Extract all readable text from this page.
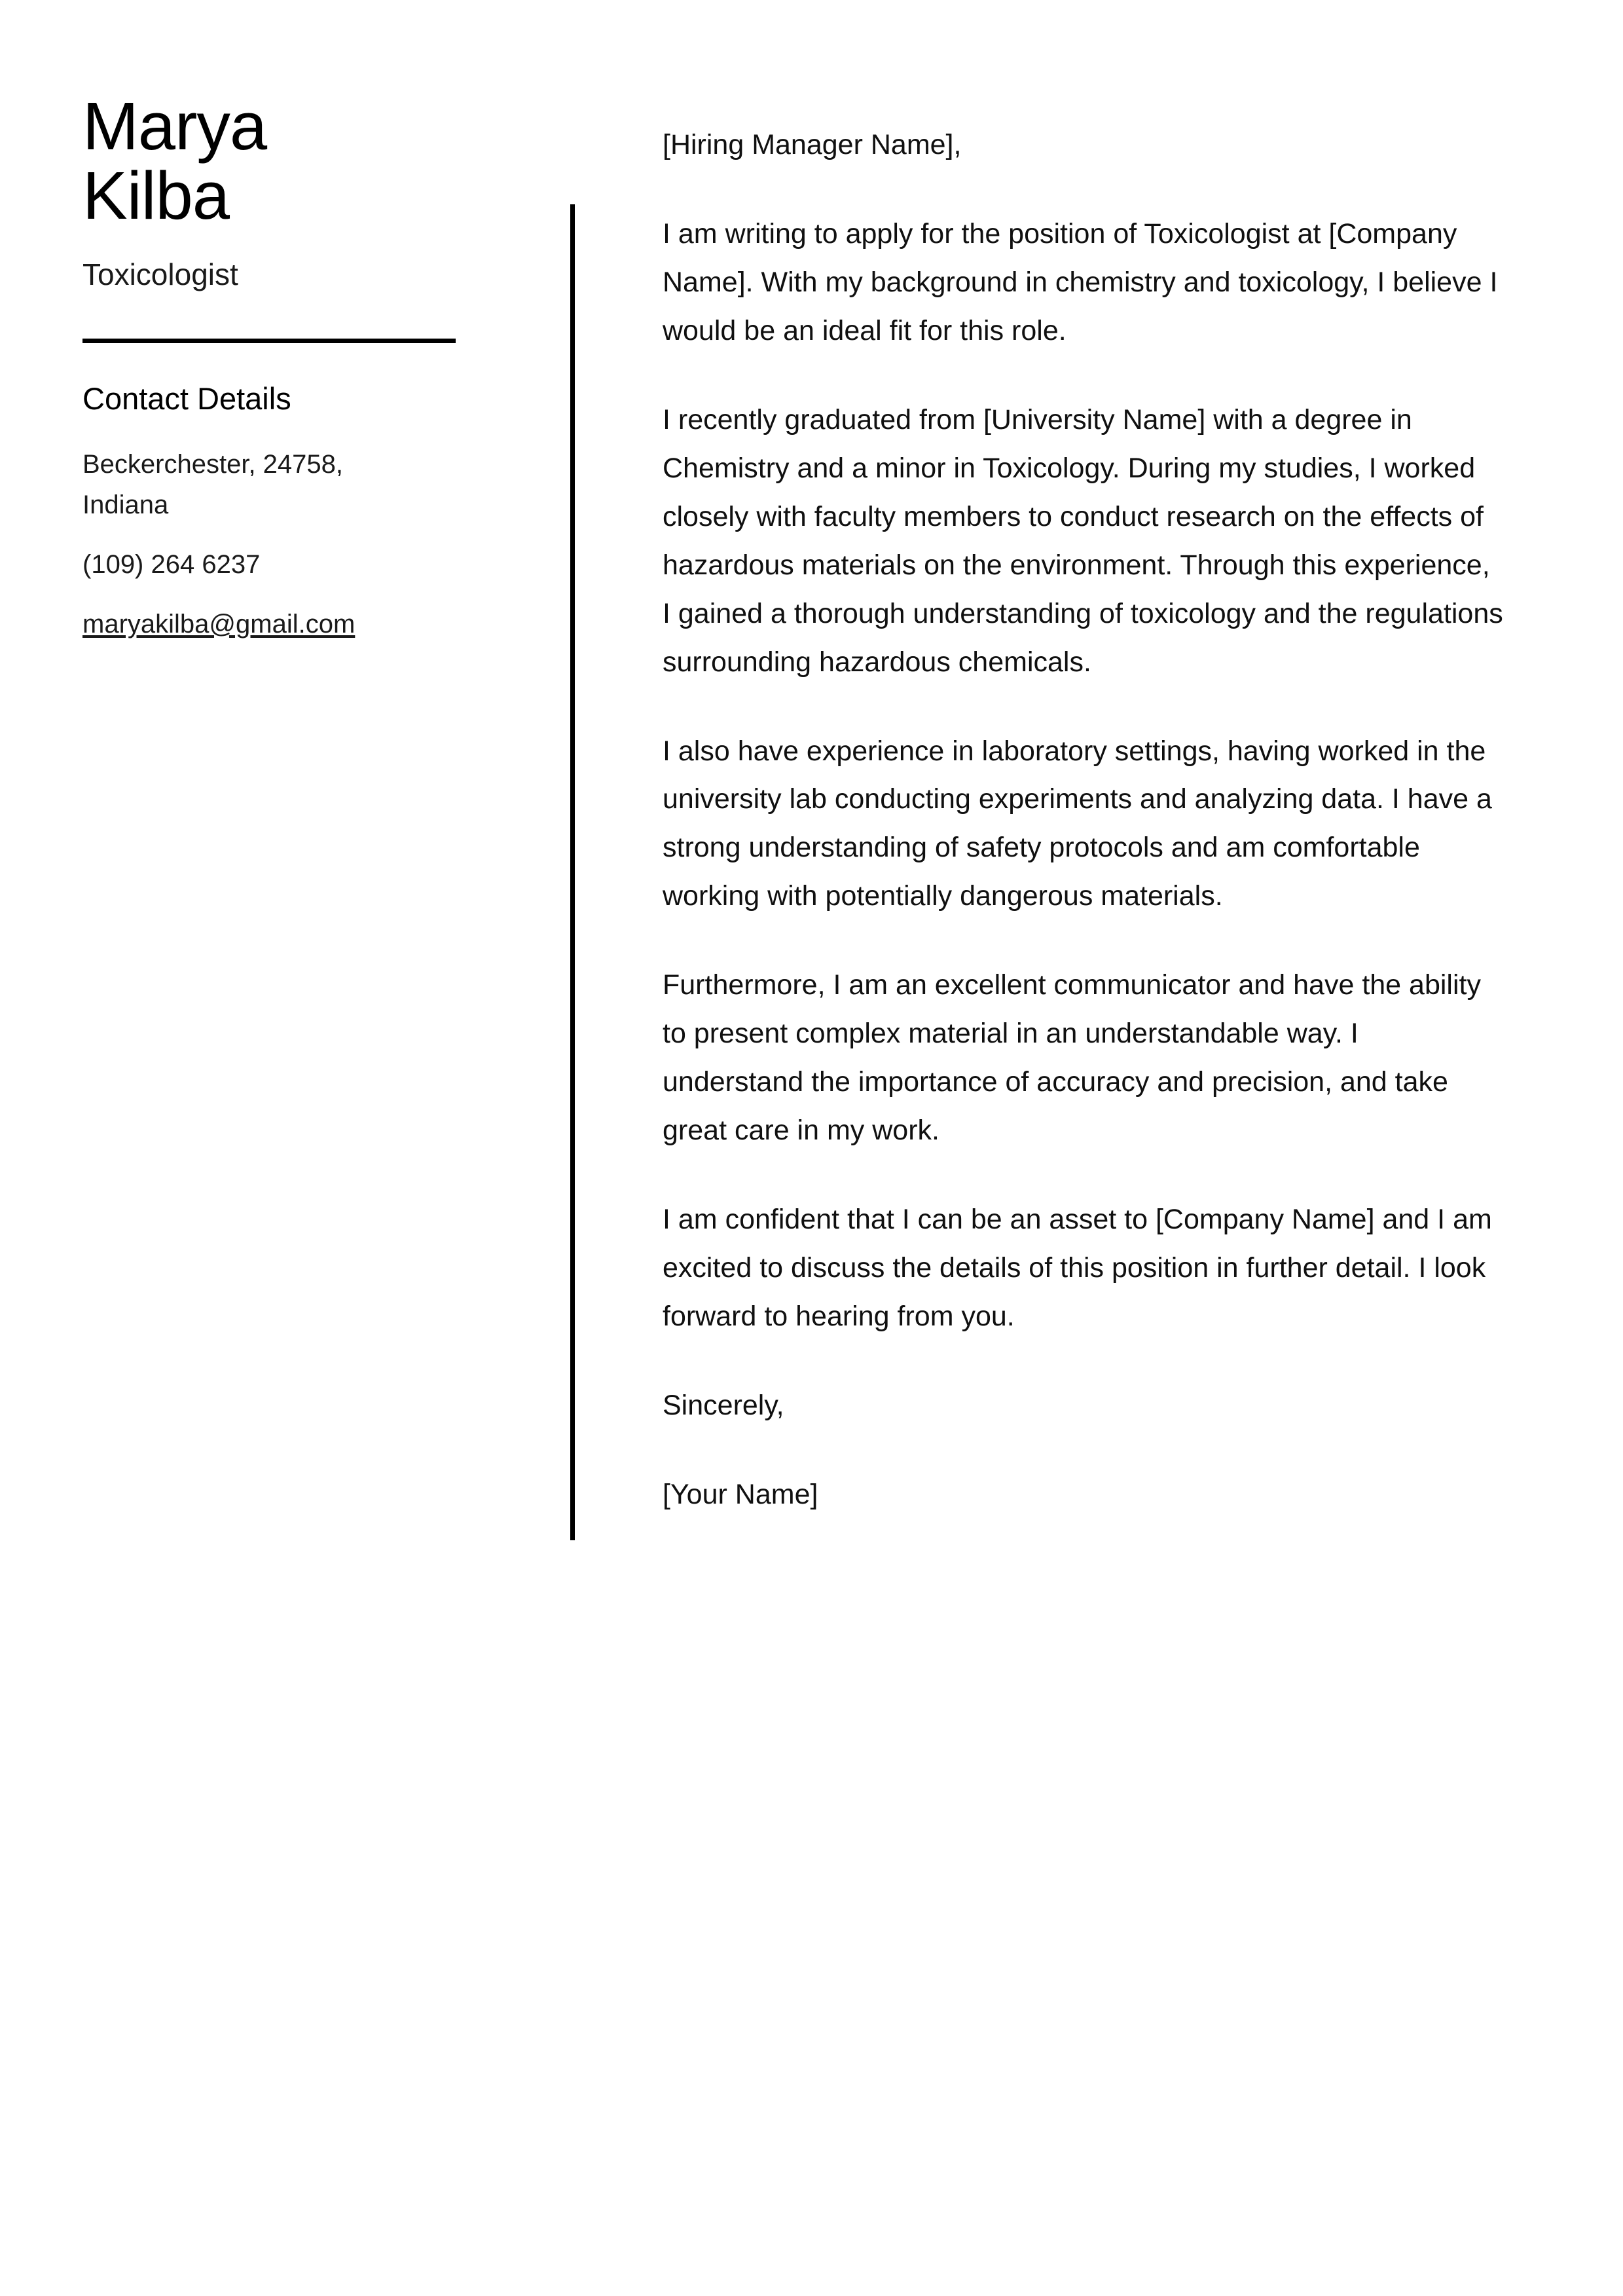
Marya
Kilba
Toxicologist
Contact Details
Beckerchester, 24758, Indiana
(109) 264 6237
maryakilba@gmail.com

[Hiring Manager Name],

I am writing to apply for the position of Toxicologist at [Company Name]. With my background in chemistry and toxicology, I believe I would be an ideal fit for this role.

I recently graduated from [University Name] with a degree in Chemistry and a minor in Toxicology. During my studies, I worked closely with faculty members to conduct research on the effects of hazardous materials on the environment. Through this experience, I gained a thorough understanding of toxicology and the regulations surrounding hazardous chemicals.

I also have experience in laboratory settings, having worked in the university lab conducting experiments and analyzing data. I have a strong understanding of safety protocols and am comfortable working with potentially dangerous materials.

Furthermore, I am an excellent communicator and have the ability to present complex material in an understandable way. I understand the importance of accuracy and precision, and take great care in my work.

I am confident that I can be an asset to [Company Name] and I am excited to discuss the details of this position in further detail. I look forward to hearing from you.

Sincerely,

[Your Name]
